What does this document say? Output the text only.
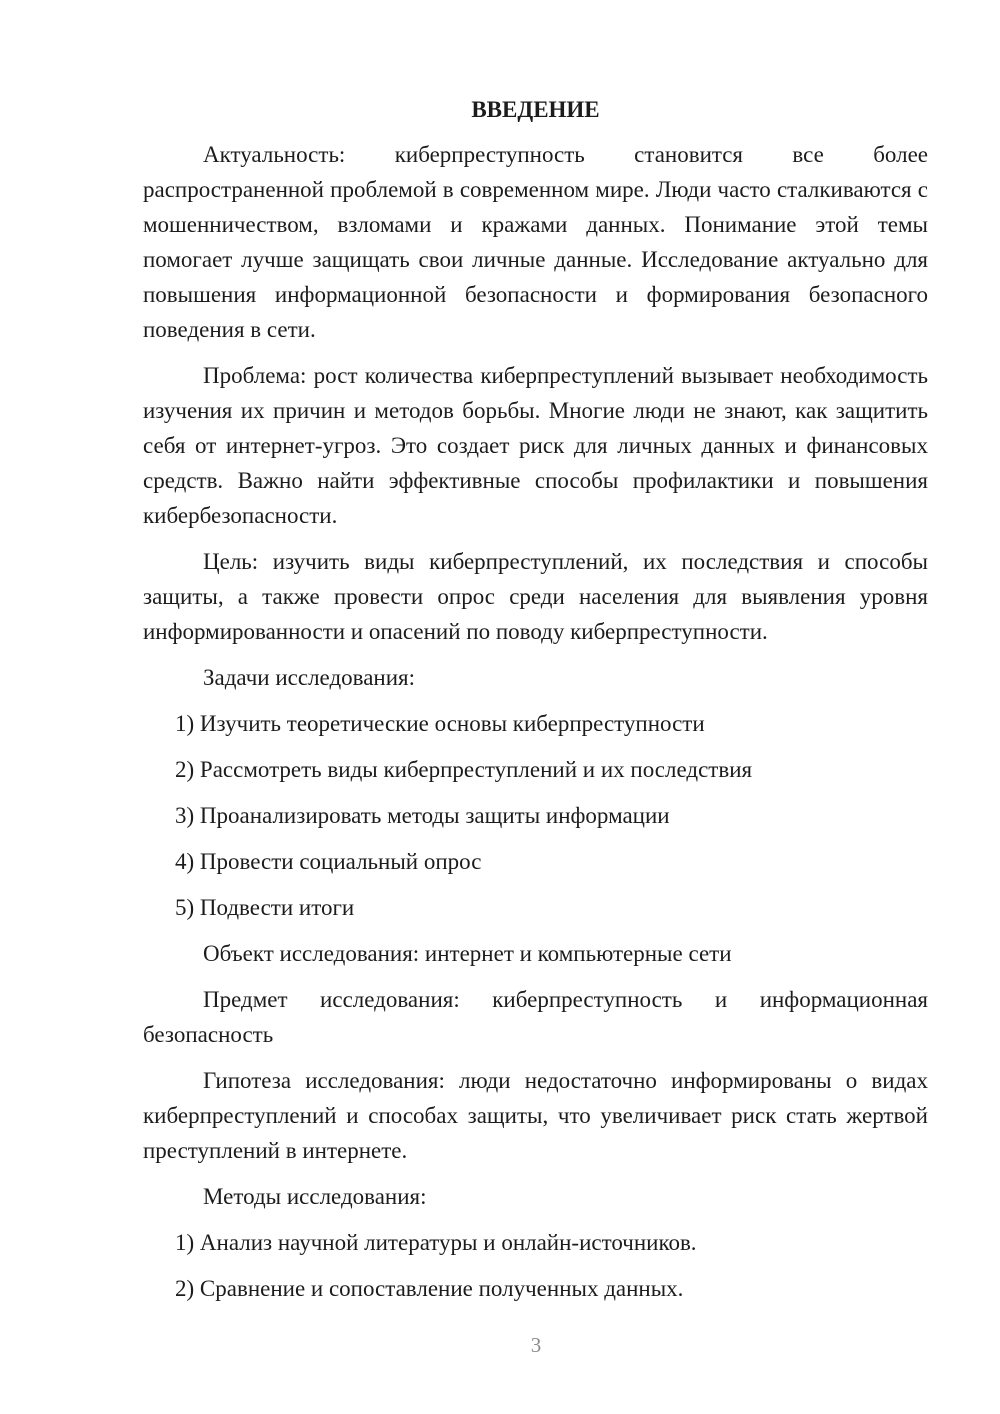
ВВЕДЕНИЕ

Актуальность: киберпреступность становится все более распространенной проблемой в современном мире. Люди часто сталкиваются с мошенничеством, взломами и кражами данных. Понимание этой темы помогает лучше защищать свои личные данные. Исследование актуально для повышения информационной безопасности и формирования безопасного поведения в сети.

Проблема: рост количества киберпреступлений вызывает необходимость изучения их причин и методов борьбы. Многие люди не знают, как защитить себя от интернет-угроз. Это создает риск для личных данных и финансовых средств. Важно найти эффективные способы профилактики и повышения кибербезопасности.

Цель: изучить виды киберпреступлений, их последствия и способы защиты, а также провести опрос среди населения для выявления уровня информированности и опасений по поводу киберпреступности.

Задачи исследования:

1) Изучить теоретические основы киберпреступности
2) Рассмотреть виды киберпреступлений и их последствия
3) Проанализировать методы защиты информации
4) Провести социальный опрос
5) Подвести итоги

Объект исследования: интернет и компьютерные сети

Предмет исследования: киберпреступность и информационная безопасность

Гипотеза исследования: люди недостаточно информированы о видах киберпреступлений и способах защиты, что увеличивает риск стать жертвой преступлений в интернете.

Методы исследования:

1) Анализ научной литературы и онлайн-источников.
2) Сравнение и сопоставление полученных данных.
3
